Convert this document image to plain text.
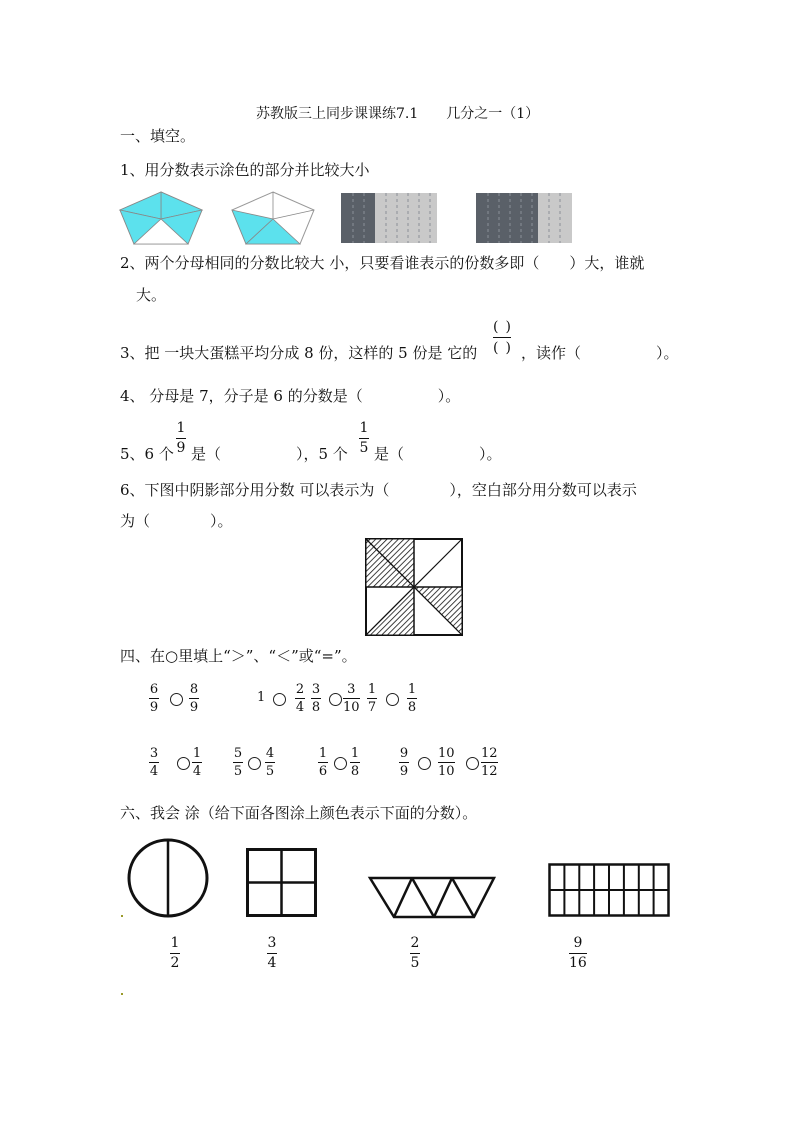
苏教版三上同步课课练7.1　　几分之一（1）
一、填空。
1、用分数表示涂色的部分并比较大小
2、两个分母相同的分数比较大 小，只要看谁表示的份数多即（　　）大，谁就
大。
3、把 一块大蛋糕平均分成 8 份，这样的 5 份是 它的
( )
( ) ，读作（　　　　　）。
4、 分母是 7，分子是 6 的分数是（　　　　　）。
5、6 个
1
9 是（　　　　　），5 个
1
5 是（　　　　　）。
6、下图中阴影部分用分数 可以表示为（　　　　），空白部分用分数可以表示
为（　　　　）。
四、在○里填上“＞”、“＜”或“=”。
6
9
8
9
1
2
4
3
8
3
10
1
7
1
8
3
4
1
4
5
5
4
5
1
6
1
8
9
9
10
10
12
12
六、我会 涂（给下面各图涂上颜色表示下面的分数）。
1
2
3
4
2
5
9
16
